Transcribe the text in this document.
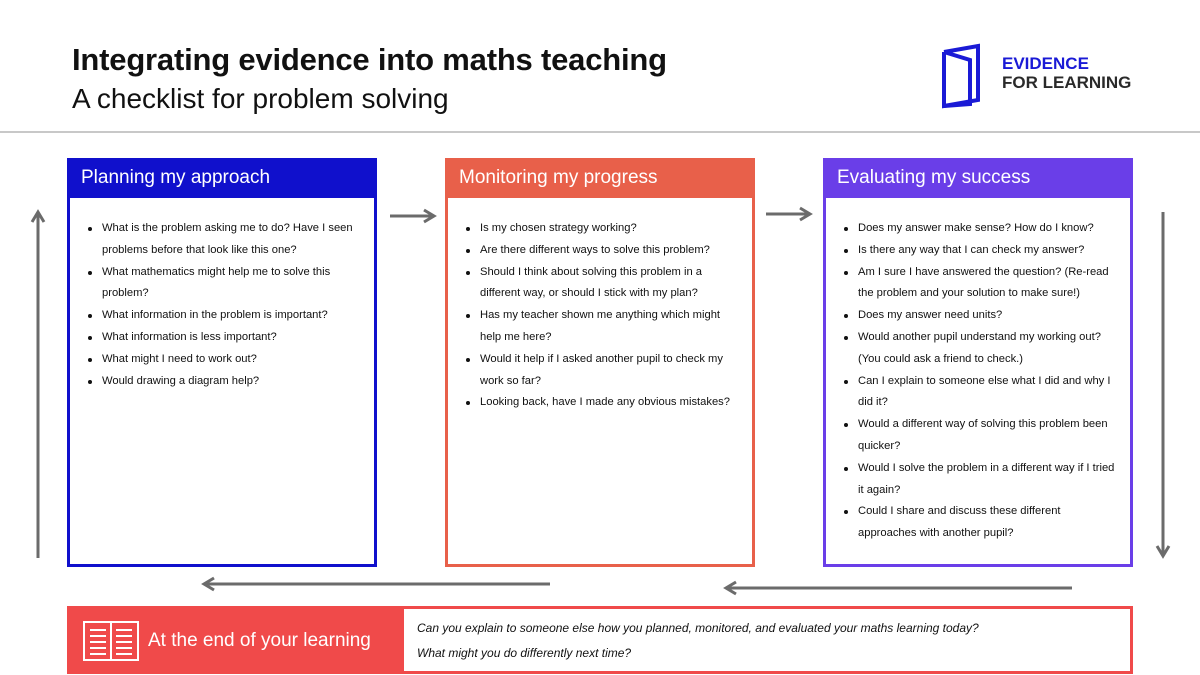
Integrating evidence into maths teaching
A checklist for problem solving
EVIDENCE
FOR LEARNING
Planning my approach
What is the problem asking me to do? Have I seen problems before that look like this one?
What mathematics might help me to solve this problem?
What information in the problem is important?
What information is less important?
What might I need to work out?
Would drawing a diagram help?
Monitoring my progress
Is my chosen strategy working?
Are there different ways to solve this problem?
Should I think about solving this problem in a different way, or should I stick with my plan?
Has my teacher shown me anything which might help me here?
Would it help if I asked another pupil to check my work so far?
Looking back, have I made any obvious mistakes?
Evaluating my success
Does my answer make sense? How do I know?
Is there any way that I can check my answer?
Am I sure I have answered the question? (Re-read the problem and your solution to make sure!)
Does my answer need units?
Would another pupil understand my working out? (You could ask a friend to check.)
Can I explain to someone else what I did and why I did it?
Would a different way of solving this problem been quicker?
Would I solve the problem in a different way if I tried it again?
Could I share and discuss these different approaches with another pupil?
At the end of your learning
Can you explain to someone else how you planned, monitored, and evaluated your maths learning today?
What might you do differently next time?
